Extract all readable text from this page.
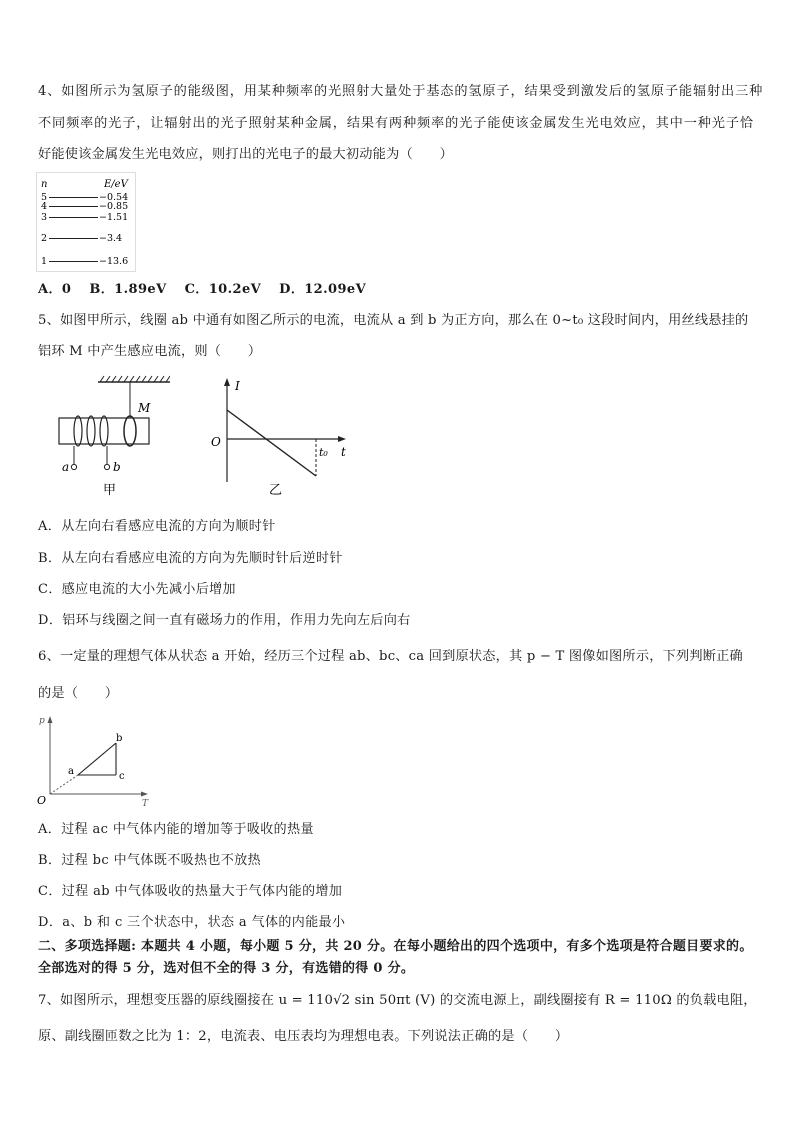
4、如图所示为氢原子的能级图，用某种频率的光照射大量处于基态的氢原子，结果受到激发后的氢原子能辐射出三种
不同频率的光子，让辐射出的光子照射某种金属，结果有两种频率的光子能使该金属发生光电效应，其中一种光子恰
好能使该金属发生光电效应，则打出的光电子的最大初动能为（　　）
n	E/eV
5	−0.54
4	−0.85
3	−1.51
2	−3.4
1	−13.6
A．0 B．1.89eV C．10.2eV D．12.09eV
5、如图甲所示，线圈 ab 中通有如图乙所示的电流，电流从 a 到 b 为正方向，那么在 0~t₀ 这段时间内，用丝线悬挂的
铝环 M 中产生感应电流，则（　　）
M
a	b
甲
I
t
O
t₀
乙
A．从左向右看感应电流的方向为顺时针
B．从左向右看感应电流的方向为先顺时针后逆时针
C．感应电流的大小先减小后增加
D．铝环与线圈之间一直有磁场力的作用，作用力先向左后向右
6、一定量的理想气体从状态 a 开始，经历三个过程 ab、bc、ca 回到原状态，其 p − T 图像如图所示，下列判断正确
的是（　　）
p
T
O
a
b
c
A．过程 ac 中气体内能的增加等于吸收的热量
B．过程 bc 中气体既不吸热也不放热
C．过程 ab 中气体吸收的热量大于气体内能的增加
D．a、b 和 c 三个状态中，状态 a 气体的内能最小
二、多项选择题: 本题共 4 小题，每小题 5 分，共 20 分。在每小题给出的四个选项中，有多个选项是符合题目要求的。
全部选对的得 5 分，选对但不全的得 3 分，有选错的得 0 分。
7、如图所示，理想变压器的原线圈接在 u = 110√2 sin 50πt (V) 的交流电源上，副线圈接有 R = 110Ω 的负载电阻，
原、副线圈匝数之比为 1：2，电流表、电压表均为理想电表。下列说法正确的是（　　）
